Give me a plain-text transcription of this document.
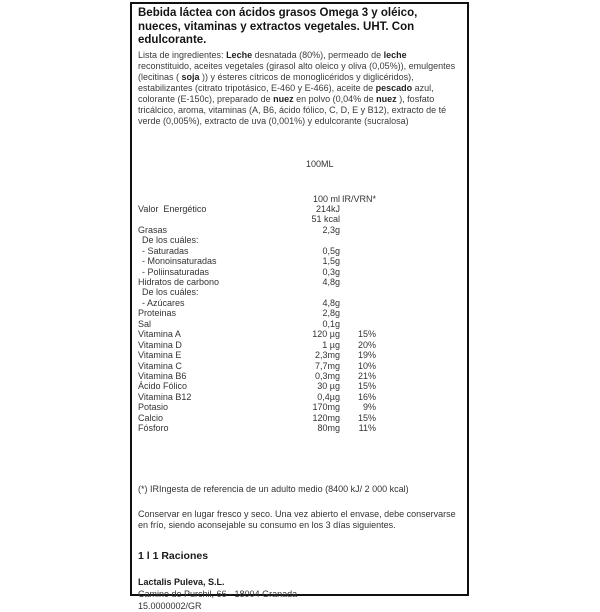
Bebida láctea con ácidos grasos Omega 3 y oléico, nueces, vitaminas y extractos vegetales. UHT. Con edulcorante.

Lista de ingredientes: Leche desnatada (80%), permeado de leche reconstituido, aceites vegetales (girasol alto oleico y oliva (0,05%)), emulgentes (lecitinas ( soja )) y ésteres cítricos de monoglicéridos y diglicéridos), estabilizantes (citrato tripotásico, E-460 y E-466), aceite de pescado azul, colorante (E-150c), preparado de nuez en polvo (0,04% de nuez ), fosfato tricálcico, aroma, vitaminas (A, B6, ácido fólico, C, D, E y B12), extracto de té verde (0,005%), extracto de uva (0,001%) y edulcorante (sucralosa)

100ML
100 ml IR/VRN*
Valor  Energético	214kJ
51 kcal
Grasas	2,3g
De los cuáles:
- Saturadas	0,5g
- Monoinsaturadas	1,5g
- Poliinsaturadas	0,3g
Hidratos de carbono	4,8g
De los cuáles:
- Azúcares	4,8g
Proteinas	2,8g
Sal	0,1g
Vitamina A	120 µg	15%
Vitamina D	1 µg	20%
Vitamina E	2,3mg	19%
Vitamina C	7,7mg	10%
Vitamina B6	0,3mg	21%
Ácido Fólico	30 µg	15%
Vitamina B12	0,4µg	16%
Potasio	170mg	9%
Calcio	120mg	15%
Fósforo	80mg	11%
(*) IRIngesta de referencia de un adulto medio (8400 kJ/ 2 000 kcal)
Conservar en lugar fresco y seco. Una vez abierto el envase, debe conservarse en frío, siendo aconsejable su consumo en los 3 días siguientes.
1 l 1 Raciones
Lactalis Puleva, S.L.
Camino de Purchil, 66 - 18004 Granada
15.0000002/GR
